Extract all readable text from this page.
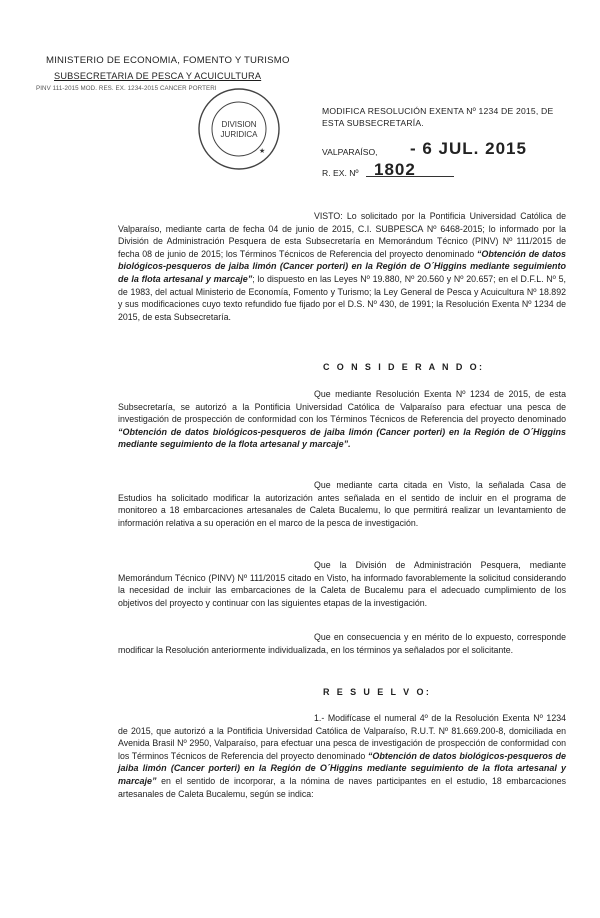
MINISTERIO DE ECONOMIA, FOMENTO Y TURISMO
SUBSECRETARIA DE PESCA Y ACUICULTURA
PINV 111-2015 MOD. RES. EX. 1234-2015 CANCER PORTERI
DIVISION
JURIDICA
★
MODIFICA RESOLUCIÓN EXENTA Nº 1234 DE 2015, DE ESTA SUBSECRETARÍA.
VALPARAÍSO, - 6 JUL. 2015
R. EX. Nº 1802
VISTO: Lo solicitado por la Pontificia Universidad Católica de Valparaíso, mediante carta de fecha 04 de junio de 2015, C.I. SUBPESCA Nº 6468-2015; lo informado por la División de Administración Pesquera de esta Subsecretaría en Memorándum Técnico (PINV) Nº 111/2015 de fecha 08 de junio de 2015; los Términos Técnicos de Referencia del proyecto denominado “Obtención de datos biológicos-pesqueros de jaiba limón (Cancer porteri) en la Región de O´Higgins mediante seguimiento de la flota artesanal y marcaje”; lo dispuesto en las Leyes Nº 19.880, Nº 20.560 y Nº 20.657; en el D.F.L. Nº 5, de 1983, del actual Ministerio de Economía, Fomento y Turismo; la Ley General de Pesca y Acuicultura Nº 18.892 y sus modificaciones cuyo texto refundido fue fijado por el D.S. Nº 430, de 1991; la Resolución Exenta Nº 1234 de 2015, de esta Subsecretaría.
C O N S I D E R A N D O:
Que mediante Resolución Exenta Nº 1234 de 2015, de esta Subsecretaría, se autorizó a la Pontificia Universidad Católica de Valparaíso para efectuar una pesca de investigación de prospección de conformidad con los Términos Técnicos de Referencia del proyecto denominado “Obtención de datos biológicos-pesqueros de jaiba limón (Cancer porteri) en la Región de O´Higgins mediante seguimiento de la flota artesanal y marcaje”.
Que mediante carta citada en Visto, la señalada Casa de Estudios ha solicitado modificar la autorización antes señalada en el sentido de incluir en el programa de monitoreo a 18 embarcaciones artesanales de Caleta Bucalemu, lo que permitirá realizar un levantamiento de información relativa a su operación en el marco de la pesca de investigación.
Que la División de Administración Pesquera, mediante Memorándum Técnico (PINV) Nº 111/2015 citado en Visto, ha informado favorablemente la solicitud considerando la necesidad de incluir las embarcaciones de la Caleta de Bucalemu para el adecuado cumplimiento de los objetivos del proyecto y continuar con las siguientes etapas de la investigación.
Que en consecuencia y en mérito de lo expuesto, corresponde modificar la Resolución anteriormente individualizada, en los términos ya señalados por el solicitante.
R E S U E L V O:
1.- Modifícase el numeral 4º de la Resolución Exenta Nº 1234 de 2015, que autorizó a la Pontificia Universidad Católica de Valparaíso, R.U.T. Nº 81.669.200-8, domiciliada en Avenida Brasil Nº 2950, Valparaíso, para efectuar una pesca de investigación de prospección de conformidad con los Términos Técnicos de Referencia del proyecto denominado “Obtención de datos biológicos-pesqueros de jaiba limón (Cancer porteri) en la Región de O´Higgins mediante seguimiento de la flota artesanal y marcaje” en el sentido de incorporar, a la nómina de naves participantes en el estudio, 18 embarcaciones artesanales de Caleta Bucalemu, según se indica:
